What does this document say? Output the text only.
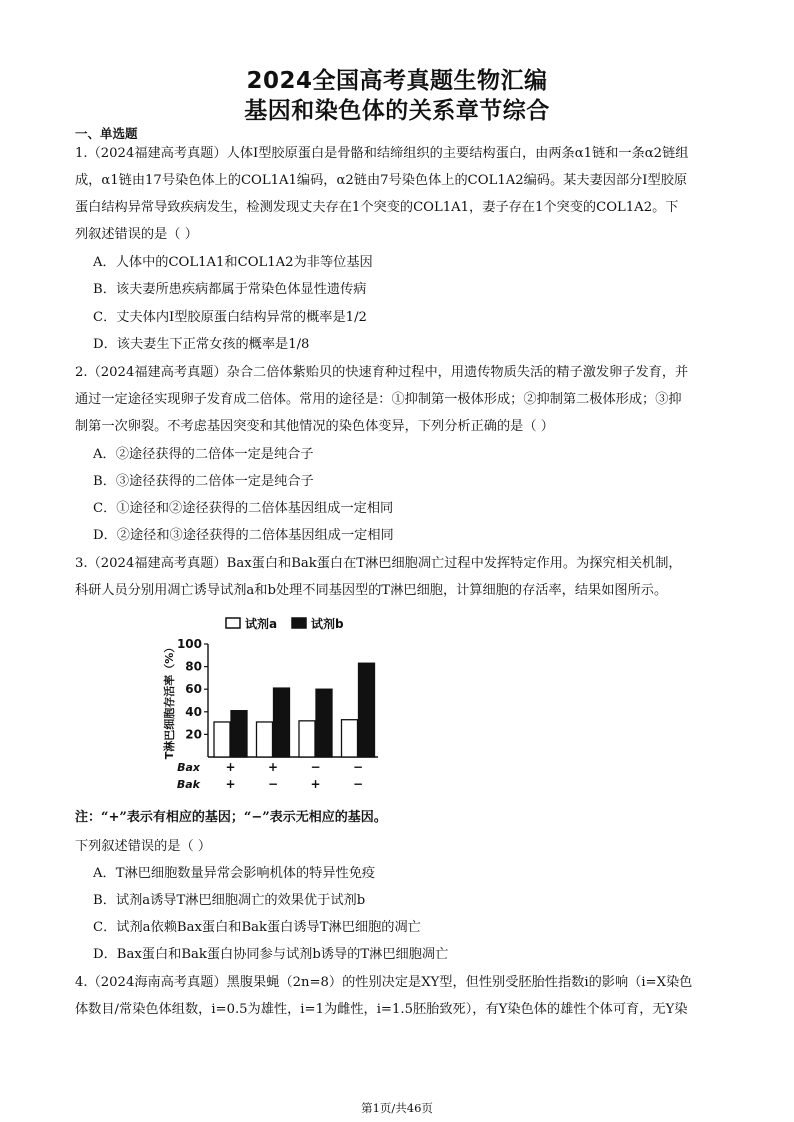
2024全国高考真题生物汇编
基因和染色体的关系章节综合
一、单选题
1.（2024福建高考真题）人体Ⅰ型胶原蛋白是骨骼和结缔组织的主要结构蛋白，由两条α1链和一条α2链组
成，α1链由17号染色体上的COL1A1编码，α2链由7号染色体上的COL1A2编码。某夫妻因部分Ⅰ型胶原
蛋白结构异常导致疾病发生，检测发现丈夫存在1个突变的COL1A1，妻子存在1个突变的COL1A2。下
列叙述错误的是（ ）
A．人体中的COL1A1和COL1A2为非等位基因
B．该夫妻所患疾病都属于常染色体显性遗传病
C．丈夫体内Ⅰ型胶原蛋白结构异常的概率是1/2
D．该夫妻生下正常女孩的概率是1/8
2.（2024福建高考真题）杂合二倍体紫贻贝的快速育种过程中，用遗传物质失活的精子激发卵子发育，并
通过一定途径实现卵子发育成二倍体。常用的途径是：①抑制第一极体形成；②抑制第二极体形成；③抑
制第一次卵裂。不考虑基因突变和其他情况的染色体变异，下列分析正确的是（ ）
A．②途径获得的二倍体一定是纯合子
B．③途径获得的二倍体一定是纯合子
C．①途径和②途径获得的二倍体基因组成一定相同
D．②途径和③途径获得的二倍体基因组成一定相同
3.（2024福建高考真题）Bax蛋白和Bak蛋白在T淋巴细胞凋亡过程中发挥特定作用。为探究相关机制，
科研人员分别用凋亡诱导试剂a和b处理不同基因型的T淋巴细胞，计算细胞的存活率，结果如图所示。
试剂a	试剂b
20
40
60
80
100
T淋巴细胞存活率（%）
+
+
+
−
−
+
−
−
Bax
Bak
注：“+”表示有相应的基因；“−”表示无相应的基因。
下列叙述错误的是（ ）
A．T淋巴细胞数量异常会影响机体的特异性免疫
B．试剂a诱导T淋巴细胞凋亡的效果优于试剂b
C．试剂a依赖Bax蛋白和Bak蛋白诱导T淋巴细胞的凋亡
D．Bax蛋白和Bak蛋白协同参与试剂b诱导的T淋巴细胞凋亡
4.（2024海南高考真题）黑腹果蝇（2n=8）的性别决定是XY型，但性别受胚胎性指数i的影响（i=X染色
体数目/常染色体组数，i=0.5为雄性，i=1为雌性，i=1.5胚胎致死），有Y染色体的雄性个体可育，无Y染
第1页/共46页
